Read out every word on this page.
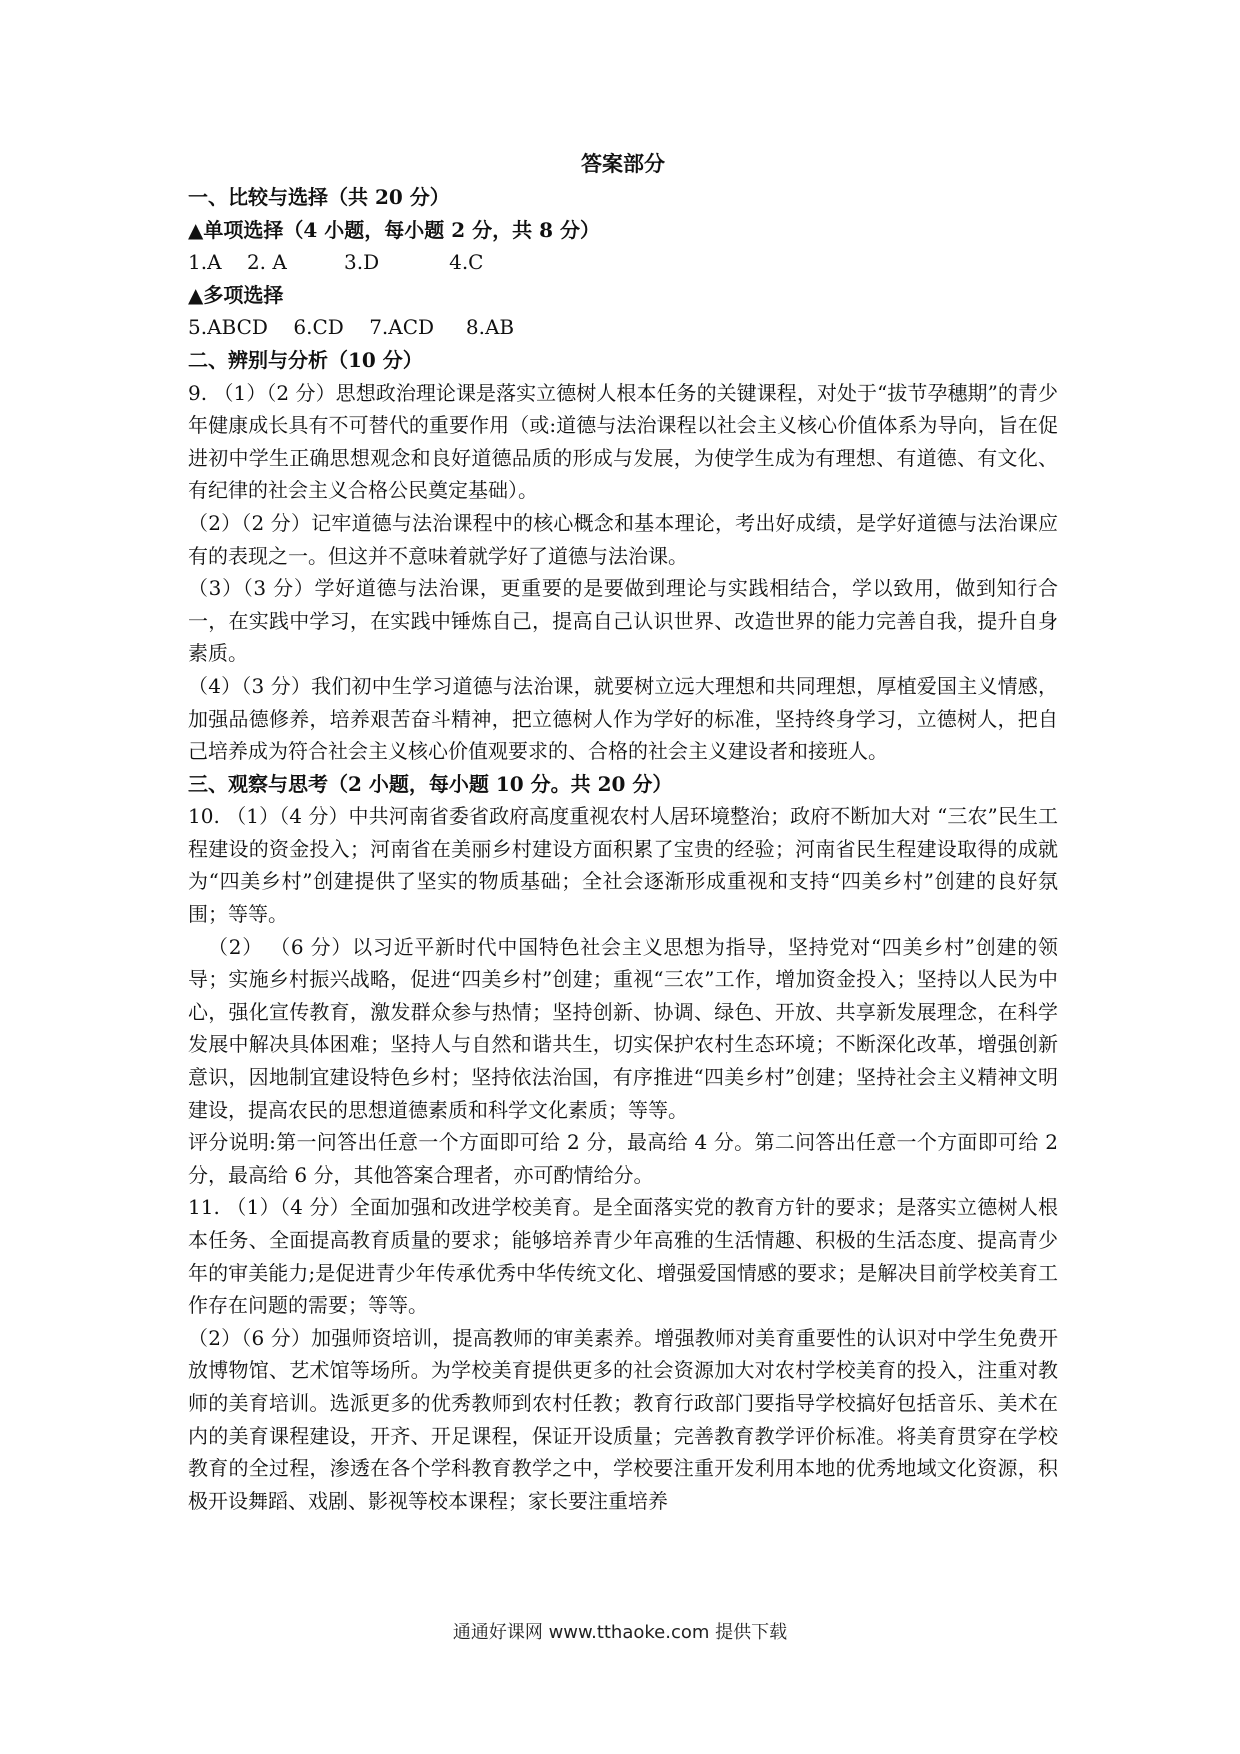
答案部分

一、比较与选择（共 20 分）

▲单项选择（4 小题，每小题 2 分，共 8 分）

1.A    2. A         3.D           4.C

▲多项选择

5.ABCD    6.CD    7.ACD     8.AB

二、辨别与分析（10 分）

9. （1）（2 分）思想政治理论课是落实立德树人根本任务的关键课程，对处于“拔节孕穗期”的青少年健康成长具有不可替代的重要作用（或:道德与法治课程以社会主义核心价值体系为导向，旨在促进初中学生正确思想观念和良好道德品质的形成与发展，为使学生成为有理想、有道德、有文化、有纪律的社会主义合格公民奠定基础）。

（2）（2 分）记牢道德与法治课程中的核心概念和基本理论，考出好成绩，是学好道德与法治课应有的表现之一。但这并不意味着就学好了道德与法治课。

（3）（3 分）学好道德与法治课，更重要的是要做到理论与实践相结合，学以致用，做到知行合一，在实践中学习，在实践中锤炼自己，提高自己认识世界、改造世界的能力完善自我，提升自身素质。

（4）（3 分）我们初中生学习道德与法治课，就要树立远大理想和共同理想，厚植爱国主义情感，加强品德修养，培养艰苦奋斗精神，把立德树人作为学好的标准，坚持终身学习，立德树人，把自己培养成为符合社会主义核心价值观要求的、合格的社会主义建设者和接班人。

三、观察与思考（2 小题，每小题 10 分。共 20 分）

10. （1）（4 分）中共河南省委省政府高度重视农村人居环境整治；政府不断加大对 “三农”民生工程建设的资金投入；河南省在美丽乡村建设方面积累了宝贵的经验；河南省民生程建设取得的成就为“四美乡村”创建提供了坚实的物质基础；全社会逐渐形成重视和支持“四美乡村”创建的良好氛围；等等。

（2） （6 分）以习近平新时代中国特色社会主义思想为指导，坚持党对“四美乡村”创建的领导；实施乡村振兴战略，促进“四美乡村”创建；重视“三农”工作，增加资金投入；坚持以人民为中心，强化宣传教育，激发群众参与热情；坚持创新、协调、绿色、开放、共享新发展理念，在科学发展中解决具体困难；坚持人与自然和谐共生，切实保护农村生态环境；不断深化改革，增强创新意识，因地制宜建设特色乡村；坚持依法治国，有序推进“四美乡村”创建；坚持社会主义精神文明建设，提高农民的思想道德素质和科学文化素质；等等。

评分说明:第一问答出任意一个方面即可给 2 分，最高给 4 分。第二问答出任意一个方面即可给 2 分，最高给 6 分，其他答案合理者，亦可酌情给分。

11. （1）（4 分）全面加强和改进学校美育。是全面落实党的教育方针的要求；是落实立德树人根本任务、全面提高教育质量的要求；能够培养青少年高雅的生活情趣、积极的生活态度、提高青少年的审美能力;是促进青少年传承优秀中华传统文化、增强爱国情感的要求；是解决目前学校美育工作存在问题的需要；等等。

（2）（6 分）加强师资培训，提高教师的审美素养。增强教师对美育重要性的认识对中学生免费开放博物馆、艺术馆等场所。为学校美育提供更多的社会资源加大对农村学校美育的投入，注重对教师的美育培训。选派更多的优秀教师到农村任教；教育行政部门要指导学校搞好包括音乐、美术在内的美育课程建设，开齐、开足课程，保证开设质量；完善教育教学评价标准。将美育贯穿在学校教育的全过程，渗透在各个学科教育教学之中，学校要注重开发利用本地的优秀地域文化资源，积极开设舞蹈、戏剧、影视等校本课程；家长要注重培养

通通好课网 www.tthaoke.com 提供下载
